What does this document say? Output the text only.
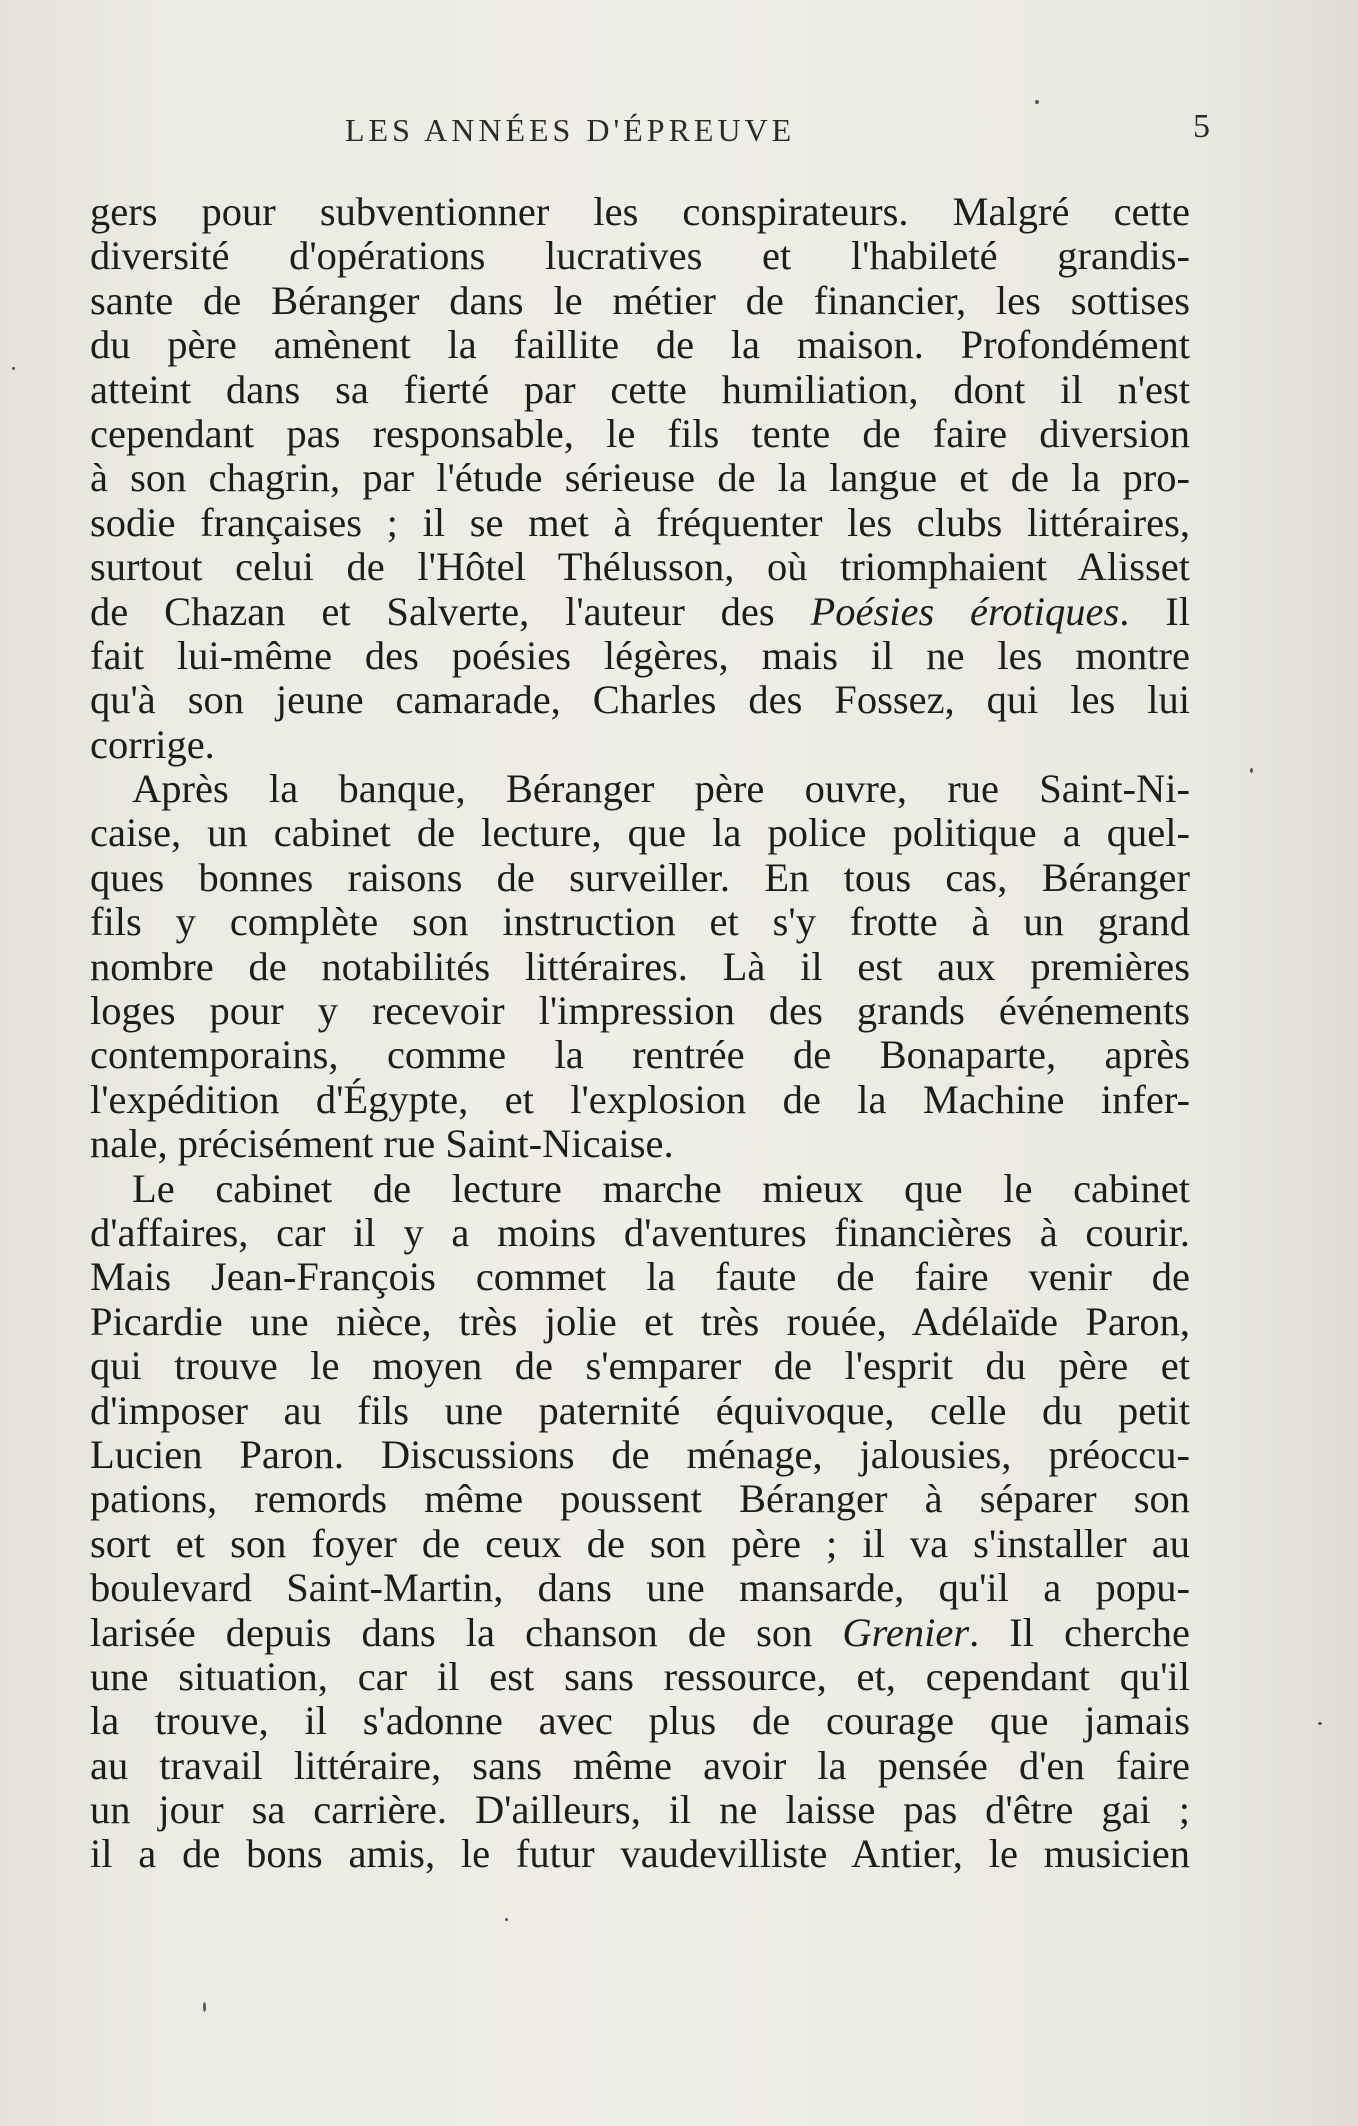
LES ANNÉES D'ÉPREUVE	5
gers pour subventionner les conspirateurs. Malgré cette
diversité d'opérations lucratives et l'habileté grandis-
sante de Béranger dans le métier de financier, les sottises
du père amènent la faillite de la maison. Profondément
atteint dans sa fierté par cette humiliation, dont il n'est
cependant pas responsable, le fils tente de faire diversion
à son chagrin, par l'étude sérieuse de la langue et de la pro-
sodie françaises ; il se met à fréquenter les clubs littéraires,
surtout celui de l'Hôtel Thélusson, où triomphaient Alisset
de Chazan et Salverte, l'auteur des Poésies érotiques. Il
fait lui-même des poésies légères, mais il ne les montre
qu'à son jeune camarade, Charles des Fossez, qui les lui
corrige.
Après la banque, Béranger père ouvre, rue Saint-Ni-
caise, un cabinet de lecture, que la police politique a quel-
ques bonnes raisons de surveiller. En tous cas, Béranger
fils y complète son instruction et s'y frotte à un grand
nombre de notabilités littéraires. Là il est aux premières
loges pour y recevoir l'impression des grands événements
contemporains, comme la rentrée de Bonaparte, après
l'expédition d'Égypte, et l'explosion de la Machine infer-
nale, précisément rue Saint-Nicaise.
Le cabinet de lecture marche mieux que le cabinet
d'affaires, car il y a moins d'aventures financières à courir.
Mais Jean-François commet la faute de faire venir de
Picardie une nièce, très jolie et très rouée, Adélaïde Paron,
qui trouve le moyen de s'emparer de l'esprit du père et
d'imposer au fils une paternité équivoque, celle du petit
Lucien Paron. Discussions de ménage, jalousies, préoccu-
pations, remords même poussent Béranger à séparer son
sort et son foyer de ceux de son père ; il va s'installer au
boulevard Saint-Martin, dans une mansarde, qu'il a popu-
larisée depuis dans la chanson de son Grenier. Il cherche
une situation, car il est sans ressource, et, cependant qu'il
la trouve, il s'adonne avec plus de courage que jamais
au travail littéraire, sans même avoir la pensée d'en faire
un jour sa carrière. D'ailleurs, il ne laisse pas d'être gai ;
il a de bons amis, le futur vaudevilliste Antier, le musicien
